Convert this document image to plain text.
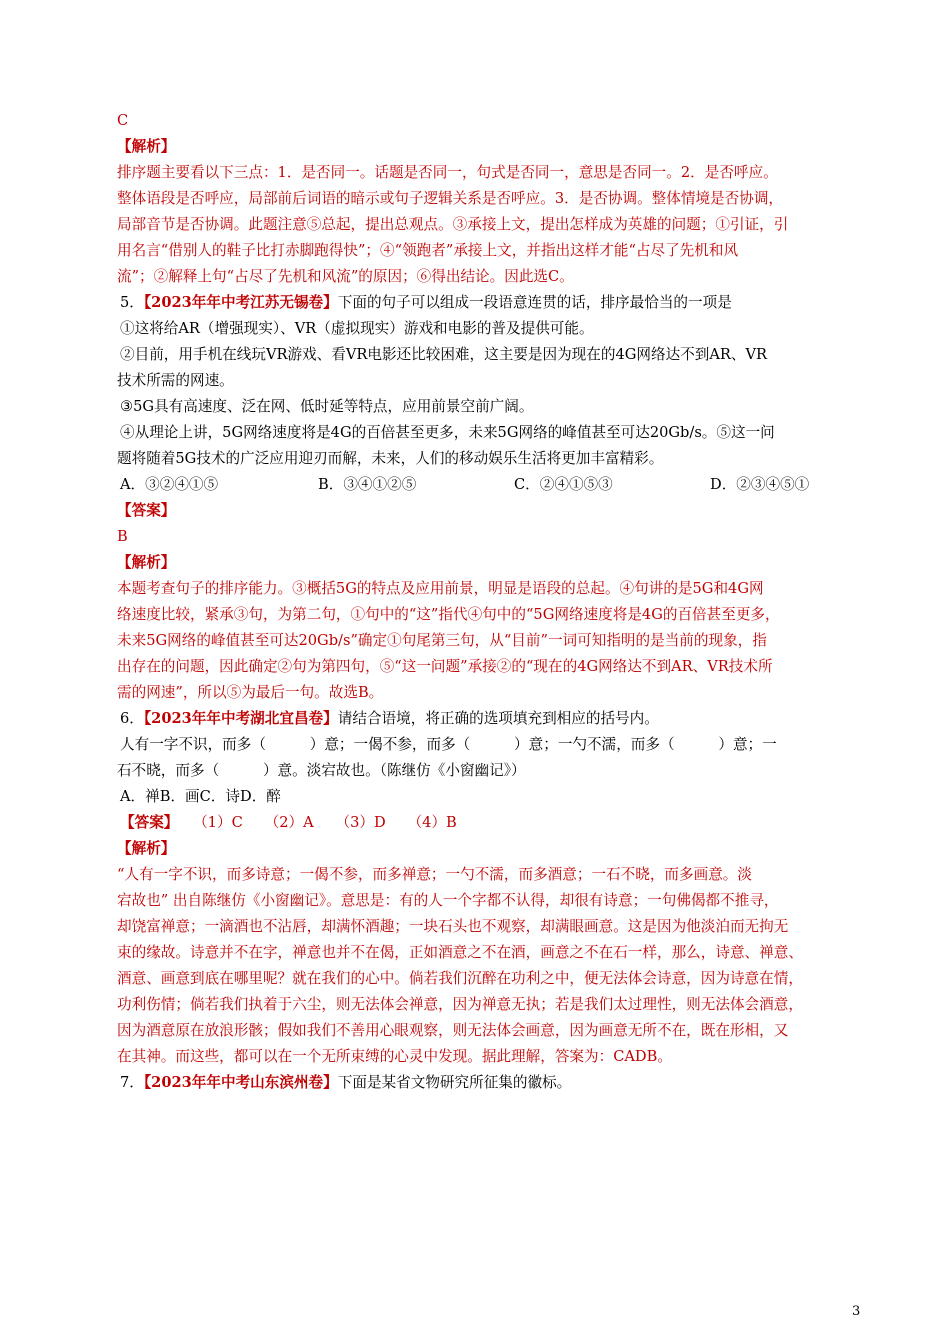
C
【解析】
排序题主要看以下三点：1．是否同一。话题是否同一，句式是否同一，意思是否同一。2．是否呼应。
整体语段是否呼应，局部前后词语的暗示或句子逻辑关系是否呼应。3．是否协调。整体情境是否协调，
局部音节是否协调。此题注意⑤总起，提出总观点。③承接上文，提出怎样成为英雄的问题；①引证，引
用名言“借别人的鞋子比打赤脚跑得快”；④“领跑者”承接上文，并指出这样才能“占尽了先机和风
流”；②解释上句“占尽了先机和风流”的原因；⑥得出结论。因此选C。
5．【2023年年中考江苏无锡卷】下面的句子可以组成一段语意连贯的话，排序最恰当的一项是
①这将给AR（增强现实）、VR（虚拟现实）游戏和电影的普及提供可能。
②目前，用手机在线玩VR游戏、看VR电影还比较困难，这主要是因为现在的4G网络达不到AR、VR
技术所需的网速。
③5G具有高速度、泛在网、低时延等特点，应用前景空前广阔。
④从理论上讲，5G网络速度将是4G的百倍甚至更多，未来5G网络的峰值甚至可达20Gb/s。⑤这一问
题将随着5G技术的广泛应用迎刃而解，未来，人们的移动娱乐生活将更加丰富精彩。
A．③②④①⑤	B．③④①②⑤	C．②④①⑤③	D．②③④⑤①
【答案】
B
【解析】
本题考查句子的排序能力。③概括5G的特点及应用前景，明显是语段的总起。④句讲的是5G和4G网
络速度比较，紧承③句，为第二句，①句中的“这”指代④句中的“5G网络速度将是4G的百倍甚至更多，
未来5G网络的峰值甚至可达20Gb/s”确定①句尾第三句，从“目前”一词可知指明的是当前的现象，指
出存在的问题，因此确定②句为第四句，⑤“这一问题”承接②的“现在的4G网络达不到AR、VR技术所
需的网速”，所以⑤为最后一句。故选B。
6．【2023年年中考湖北宜昌卷】请结合语境，将正确的选项填充到相应的括号内。
人有一字不识，而多（　　　）意；一偈不参，而多（　　　）意；一勺不濡，而多（　　　）意；一
石不晓，而多（　　　）意。淡宕故也。（陈继仿《小窗幽记》）
A．禅B．画C．诗D．醉
【答案】 （1）C　　（2）A　　（3）D　　（4）B
【解析】
“人有一字不识，而多诗意；一偈不参，而多禅意；一勺不濡，而多酒意；一石不晓，而多画意。淡
宕故也” 出自陈继仿《小窗幽记》。意思是：有的人一个字都不认得，却很有诗意；一句佛偈都不推寻，
却饶富禅意；一滴酒也不沾唇，却满怀酒趣；一块石头也不观察，却满眼画意。这是因为他淡泊而无拘无
束的缘故。诗意并不在字，禅意也并不在偈，正如酒意之不在酒，画意之不在石一样，那么，诗意、禅意、
酒意、画意到底在哪里呢？就在我们的心中。倘若我们沉醉在功利之中，便无法体会诗意，因为诗意在情，
功利伤情；倘若我们执着于六尘，则无法体会禅意，因为禅意无执；若是我们太过理性，则无法体会酒意，
因为酒意原在放浪形骸；假如我们不善用心眼观察，则无法体会画意，因为画意无所不在，既在形相，又
在其神。而这些，都可以在一个无所束缚的心灵中发现。据此理解，答案为：CADB。
7．【2023年年中考山东滨州卷】下面是某省文物研究所征集的徽标。
3
